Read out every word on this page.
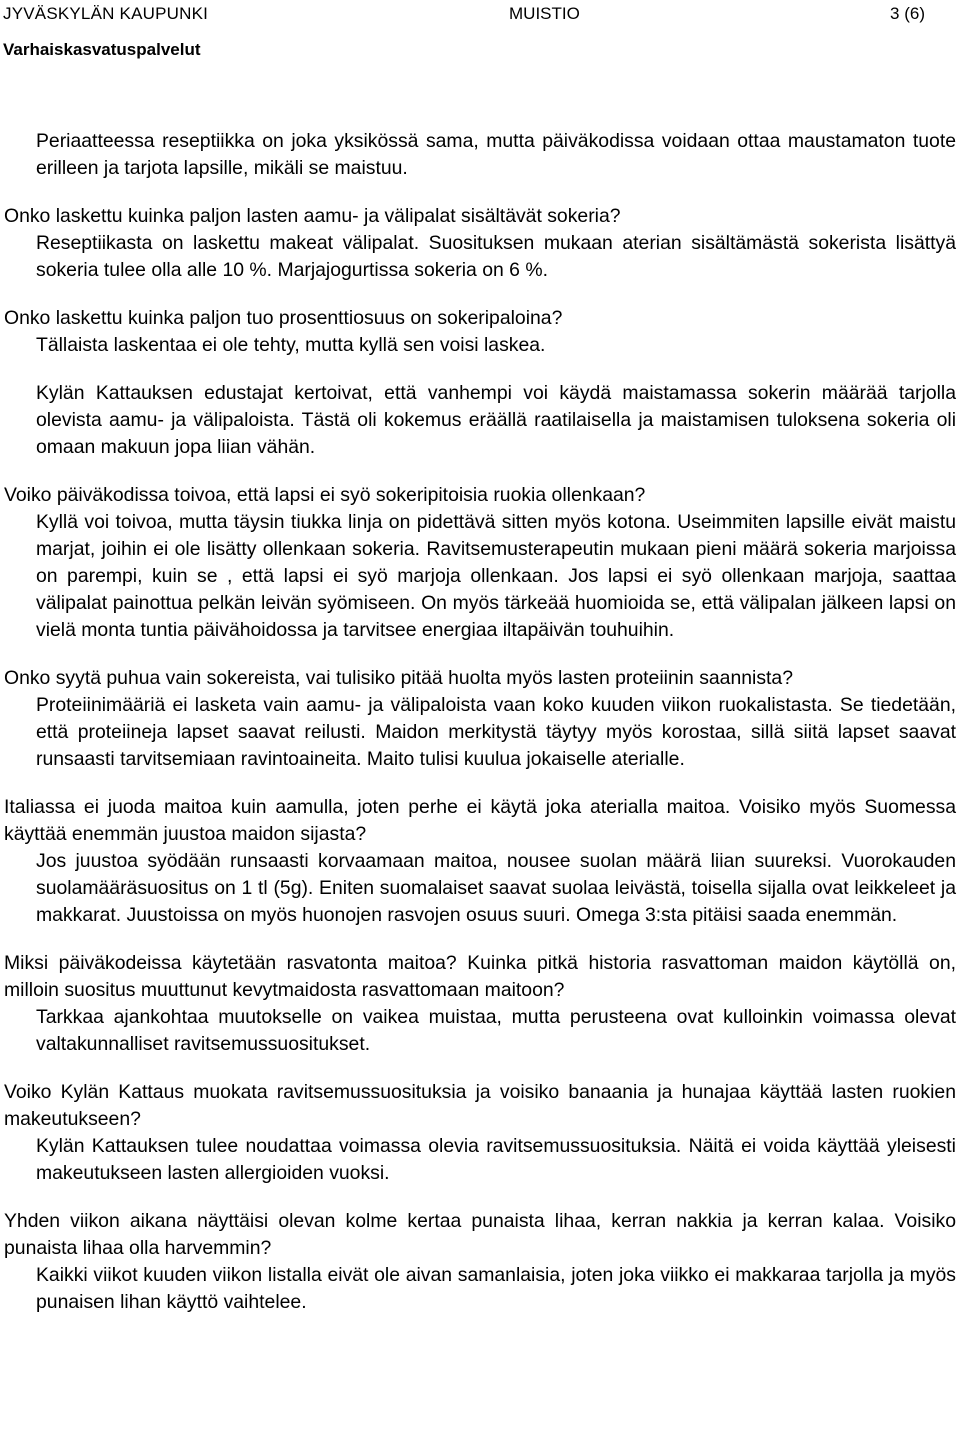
JYVÄSKYLÄN KAUPUNKI	MUISTIO	3 (6)
Varhaiskasvatuspalvelut

Periaatteessa reseptiikka on joka yksikössä sama, mutta päiväkodissa voidaan ottaa maustamaton tuote erilleen ja tarjota lapsille, mikäli se maistuu.

Onko laskettu kuinka paljon lasten aamu- ja välipalat sisältävät sokeria?

Reseptiikasta on laskettu makeat välipalat. Suosituksen mukaan aterian sisältämästä sokerista lisättyä sokeria tulee olla alle 10 %. Marjajogurtissa sokeria on 6 %.

Onko laskettu kuinka paljon tuo prosenttiosuus on sokeripaloina?

Tällaista laskentaa ei ole tehty, mutta kyllä sen voisi laskea.

Kylän Kattauksen edustajat kertoivat, että vanhempi voi käydä maistamassa sokerin määrää tarjolla olevista aamu- ja välipaloista. Tästä oli kokemus eräällä raatilaisella ja maistamisen tuloksena sokeria oli omaan makuun jopa liian vähän.

Voiko päiväkodissa toivoa, että lapsi ei syö sokeripitoisia ruokia ollenkaan?

Kyllä voi toivoa, mutta täysin tiukka linja on pidettävä sitten myös kotona. Useimmiten lapsille eivät maistu marjat, joihin ei ole lisätty ollenkaan sokeria. Ravitsemusterapeutin mukaan pieni määrä sokeria marjoissa on parempi, kuin se , että lapsi ei syö marjoja ollenkaan. Jos lapsi ei syö ollenkaan marjoja, saattaa välipalat painottua pelkän leivän syömiseen. On myös tärkeää huomioida se, että välipalan jälkeen lapsi on vielä monta tuntia päivähoidossa ja tarvitsee energiaa iltapäivän touhuihin.

Onko syytä puhua vain sokereista, vai tulisiko pitää huolta myös lasten proteiinin saannista?

Proteiinimääriä ei lasketa vain aamu- ja välipaloista vaan koko kuuden viikon ruokalistasta. Se tiedetään, että proteiineja lapset saavat reilusti. Maidon merkitystä täytyy myös korostaa, sillä siitä lapset saavat runsaasti tarvitsemiaan ravintoaineita. Maito tulisi kuulua jokaiselle aterialle.

Italiassa ei juoda maitoa kuin aamulla, joten perhe ei käytä joka aterialla maitoa. Voisiko myös Suomessa käyttää enemmän juustoa maidon sijasta?

Jos juustoa syödään runsaasti korvaamaan maitoa, nousee suolan määrä liian suureksi. Vuorokauden suolamääräsuositus on 1 tl (5g). Eniten suomalaiset saavat suolaa leivästä, toisella sijalla ovat leikkeleet ja makkarat. Juustoissa on myös huonojen rasvojen osuus suuri. Omega 3:sta pitäisi saada enemmän.

Miksi päiväkodeissa käytetään rasvatonta maitoa? Kuinka pitkä historia rasvattoman maidon käytöllä on, milloin suositus muuttunut kevytmaidosta rasvattomaan maitoon?

Tarkkaa ajankohtaa muutokselle on vaikea muistaa, mutta perusteena ovat kulloinkin voimassa olevat valtakunnalliset ravitsemussuositukset.

Voiko Kylän Kattaus muokata ravitsemussuosituksia ja voisiko banaania ja hunajaa käyttää lasten ruokien makeutukseen?

Kylän Kattauksen tulee noudattaa voimassa olevia ravitsemussuosituksia. Näitä ei voida käyttää yleisesti makeutukseen lasten allergioiden vuoksi.

Yhden viikon aikana näyttäisi olevan kolme kertaa punaista lihaa, kerran nakkia ja kerran kalaa. Voisiko punaista lihaa olla harvemmin?

Kaikki viikot kuuden viikon listalla eivät ole aivan samanlaisia, joten joka viikko ei makkaraa tarjolla ja myös punaisen lihan käyttö vaihtelee.
